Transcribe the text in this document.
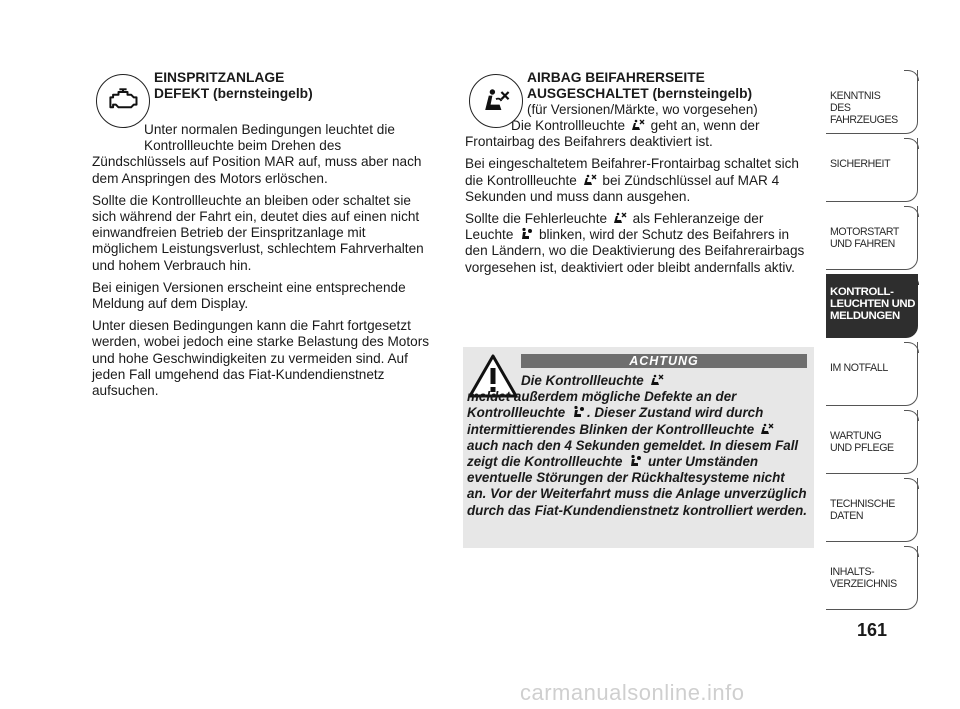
EINSPRITZANLAGE
DEFEKT (bernsteingelb)

Unter normalen Bedingungen leuchtet die
Kontrollleuchte beim Drehen des
Zündschlüssels auf Position MAR auf, muss aber nach dem Anspringen des Motors erlöschen.

Sollte die Kontrollleuchte an bleiben oder schaltet sie sich während der Fahrt ein, deutet dies auf einen nicht einwandfreien Betrieb der Einspritzanlage mit möglichem Leistungsverlust, schlechtem Fahrverhalten und hohem Verbrauch hin.

Bei einigen Versionen erscheint eine entsprechende Meldung auf dem Display.

Unter diesen Bedingungen kann die Fahrt fortgesetzt werden, wobei jedoch eine starke Belastung des Motors und hohe Geschwindigkeiten zu vermeiden sind. Auf jeden Fall umgehend das Fiat-Kundendienstnetz aufsuchen.

AIRBAG BEIFAHRERSEITE
AUSGESCHALTET (bernsteingelb)
(für Versionen/Märkte, wo vorgesehen)

Die Kontrollleuchte geht an, wenn der
Frontairbag des Beifahrers deaktiviert ist.

Bei eingeschaltetem Beifahrer-Frontairbag schaltet sich die Kontrollleuchte bei Zündschlüssel auf MAR 4 Sekunden und muss dann ausgehen.

Sollte die Fehlerleuchte als Fehleranzeige der Leuchte blinken, wird der Schutz des Beifahrers in den Ländern, wo die Deaktivierung des Beifahrerairbags vorgesehen ist, deaktiviert oder bleibt andernfalls aktiv.

ACHTUNG
Die Kontrollleuchte
meldet außerdem mögliche Defekte an der Kontrollleuchte . Dieser Zustand wird durch intermittierendes Blinken der Kontrollleuchte  auch nach den 4 Sekunden gemeldet. In diesem Fall zeigt die Kontrollleuchte unter Umständen eventuelle Störungen der Rückhaltesysteme nicht an. Vor der Weiterfahrt muss die Anlage unverzüglich durch das Fiat-Kundendienstnetz kontrolliert werden.
KENNTNIS
DES FAHRZEUGES
SICHERHEIT
MOTORSTART
UND FAHREN
KONTROLL-
LEUCHTEN UND
MELDUNGEN
IM NOTFALL
WARTUNG
UND PFLEGE
TECHNISCHE
DATEN
INHALTS-
VERZEICHNIS
161
carmanualsonline.info
